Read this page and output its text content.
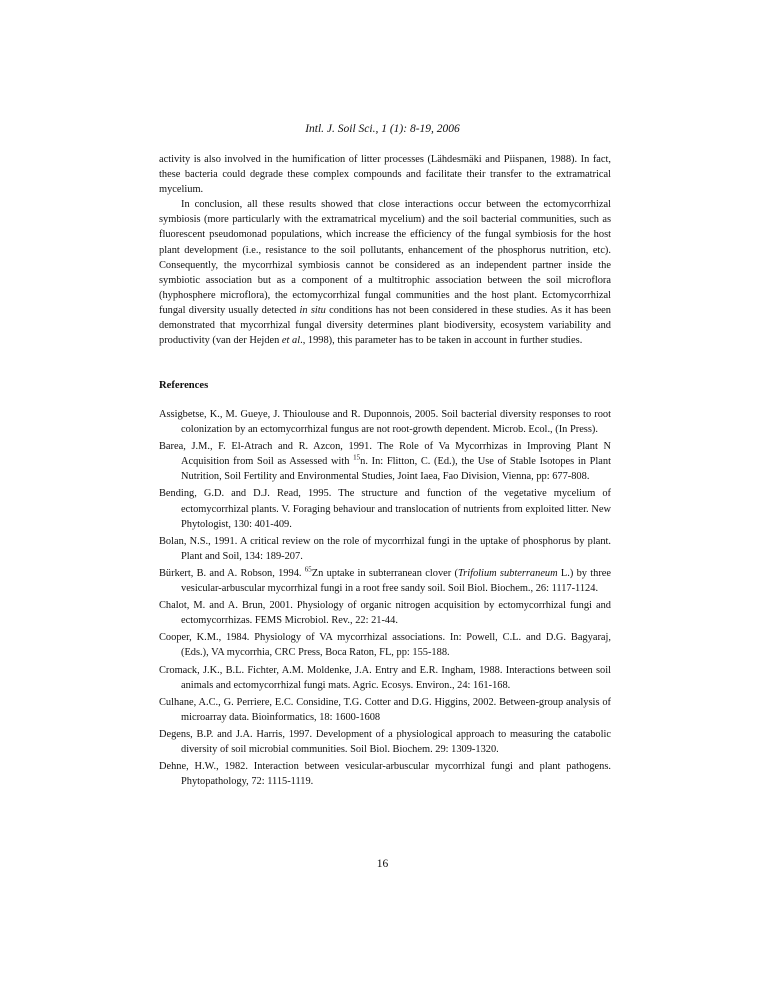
Intl. J. Soil Sci., 1 (1): 8-19, 2006

activity is also involved in the humification of litter processes (Lähdesmäki and Piispanen, 1988). In fact, these bacteria could degrade these complex compounds and facilitate their transfer to the extramatrical mycelium.

In conclusion, all these results showed that close interactions occur between the ectomycorrhizal symbiosis (more particularly with the extramatrical mycelium) and the soil bacterial communities, such as fluorescent pseudomonad populations, which increase the efficiency of the fungal symbiosis for the host plant development (i.e., resistance to the soil pollutants, enhancement of the phosphorus nutrition, etc). Consequently, the mycorrhizal symbiosis cannot be considered as an independent partner inside the symbiotic association but as a component of a multitrophic association between the soil microflora (hyphosphere microflora), the ectomycorrhizal fungal communities and the host plant. Ectomycorrhizal fungal diversity usually detected in situ conditions has not been considered in these studies. As it has been demonstrated that mycorrhizal fungal diversity determines plant biodiversity, ecosystem variability and productivity (van der Hejden et al., 1998), this parameter has to be taken in account in further studies.

References

Assigbetse, K., M. Gueye, J. Thioulouse and R. Duponnois, 2005. Soil bacterial diversity responses to root colonization by an ectomycorrhizal fungus are not root-growth dependent. Microb. Ecol., (In Press).

Barea, J.M., F. El-Atrach and R. Azcon, 1991. The Role of Va Mycorrhizas in Improving Plant N Acquisition from Soil as Assessed with $^{15}$n. In: Flitton, C. (Ed.), the Use of Stable Isotopes in Plant Nutrition, Soil Fertility and Environmental Studies, Joint Iaea, Fao Division, Vienna, pp: 677-808.

Bending, G.D. and D.J. Read, 1995. The structure and function of the vegetative mycelium of ectomycorrhizal plants. V. Foraging behaviour and translocation of nutrients from exploited litter. New Phytologist, 130: 401-409.

Bolan, N.S., 1991. A critical review on the role of mycorrhizal fungi in the uptake of phosphorus by plant. Plant and Soil, 134: 189-207.

Bürkert, B. and A. Robson, 1994. $^{65}$Zn uptake in subterranean clover (Trifolium subterraneum L.) by three vesicular-arbuscular mycorrhizal fungi in a root free sandy soil. Soil Biol. Biochem., 26: 1117-1124.

Chalot, M. and A. Brun, 2001. Physiology of organic nitrogen acquisition by ectomycorrhizal fungi and ectomycorrhizas. FEMS Microbiol. Rev., 22: 21-44.

Cooper, K.M., 1984. Physiology of VA mycorrhizal associations. In: Powell, C.L. and D.G. Bagyaraj, (Eds.), VA mycorrhia, CRC Press, Boca Raton, FL, pp: 155-188.

Cromack, J.K., B.L. Fichter, A.M. Moldenke, J.A. Entry and E.R. Ingham, 1988. Interactions between soil animals and ectomycorrhizal fungi mats. Agric. Ecosys. Environ., 24: 161-168.

Culhane, A.C., G. Perriere, E.C. Considine, T.G. Cotter and D.G. Higgins, 2002. Between-group analysis of microarray data. Bioinformatics, 18: 1600-1608

Degens, B.P. and J.A. Harris, 1997. Development of a physiological approach to measuring the catabolic diversity of soil microbial communities. Soil Biol. Biochem. 29: 1309-1320.

Dehne, H.W., 1982. Interaction between vesicular-arbuscular mycorrhizal fungi and plant pathogens. Phytopathology, 72: 1115-1119.

16
